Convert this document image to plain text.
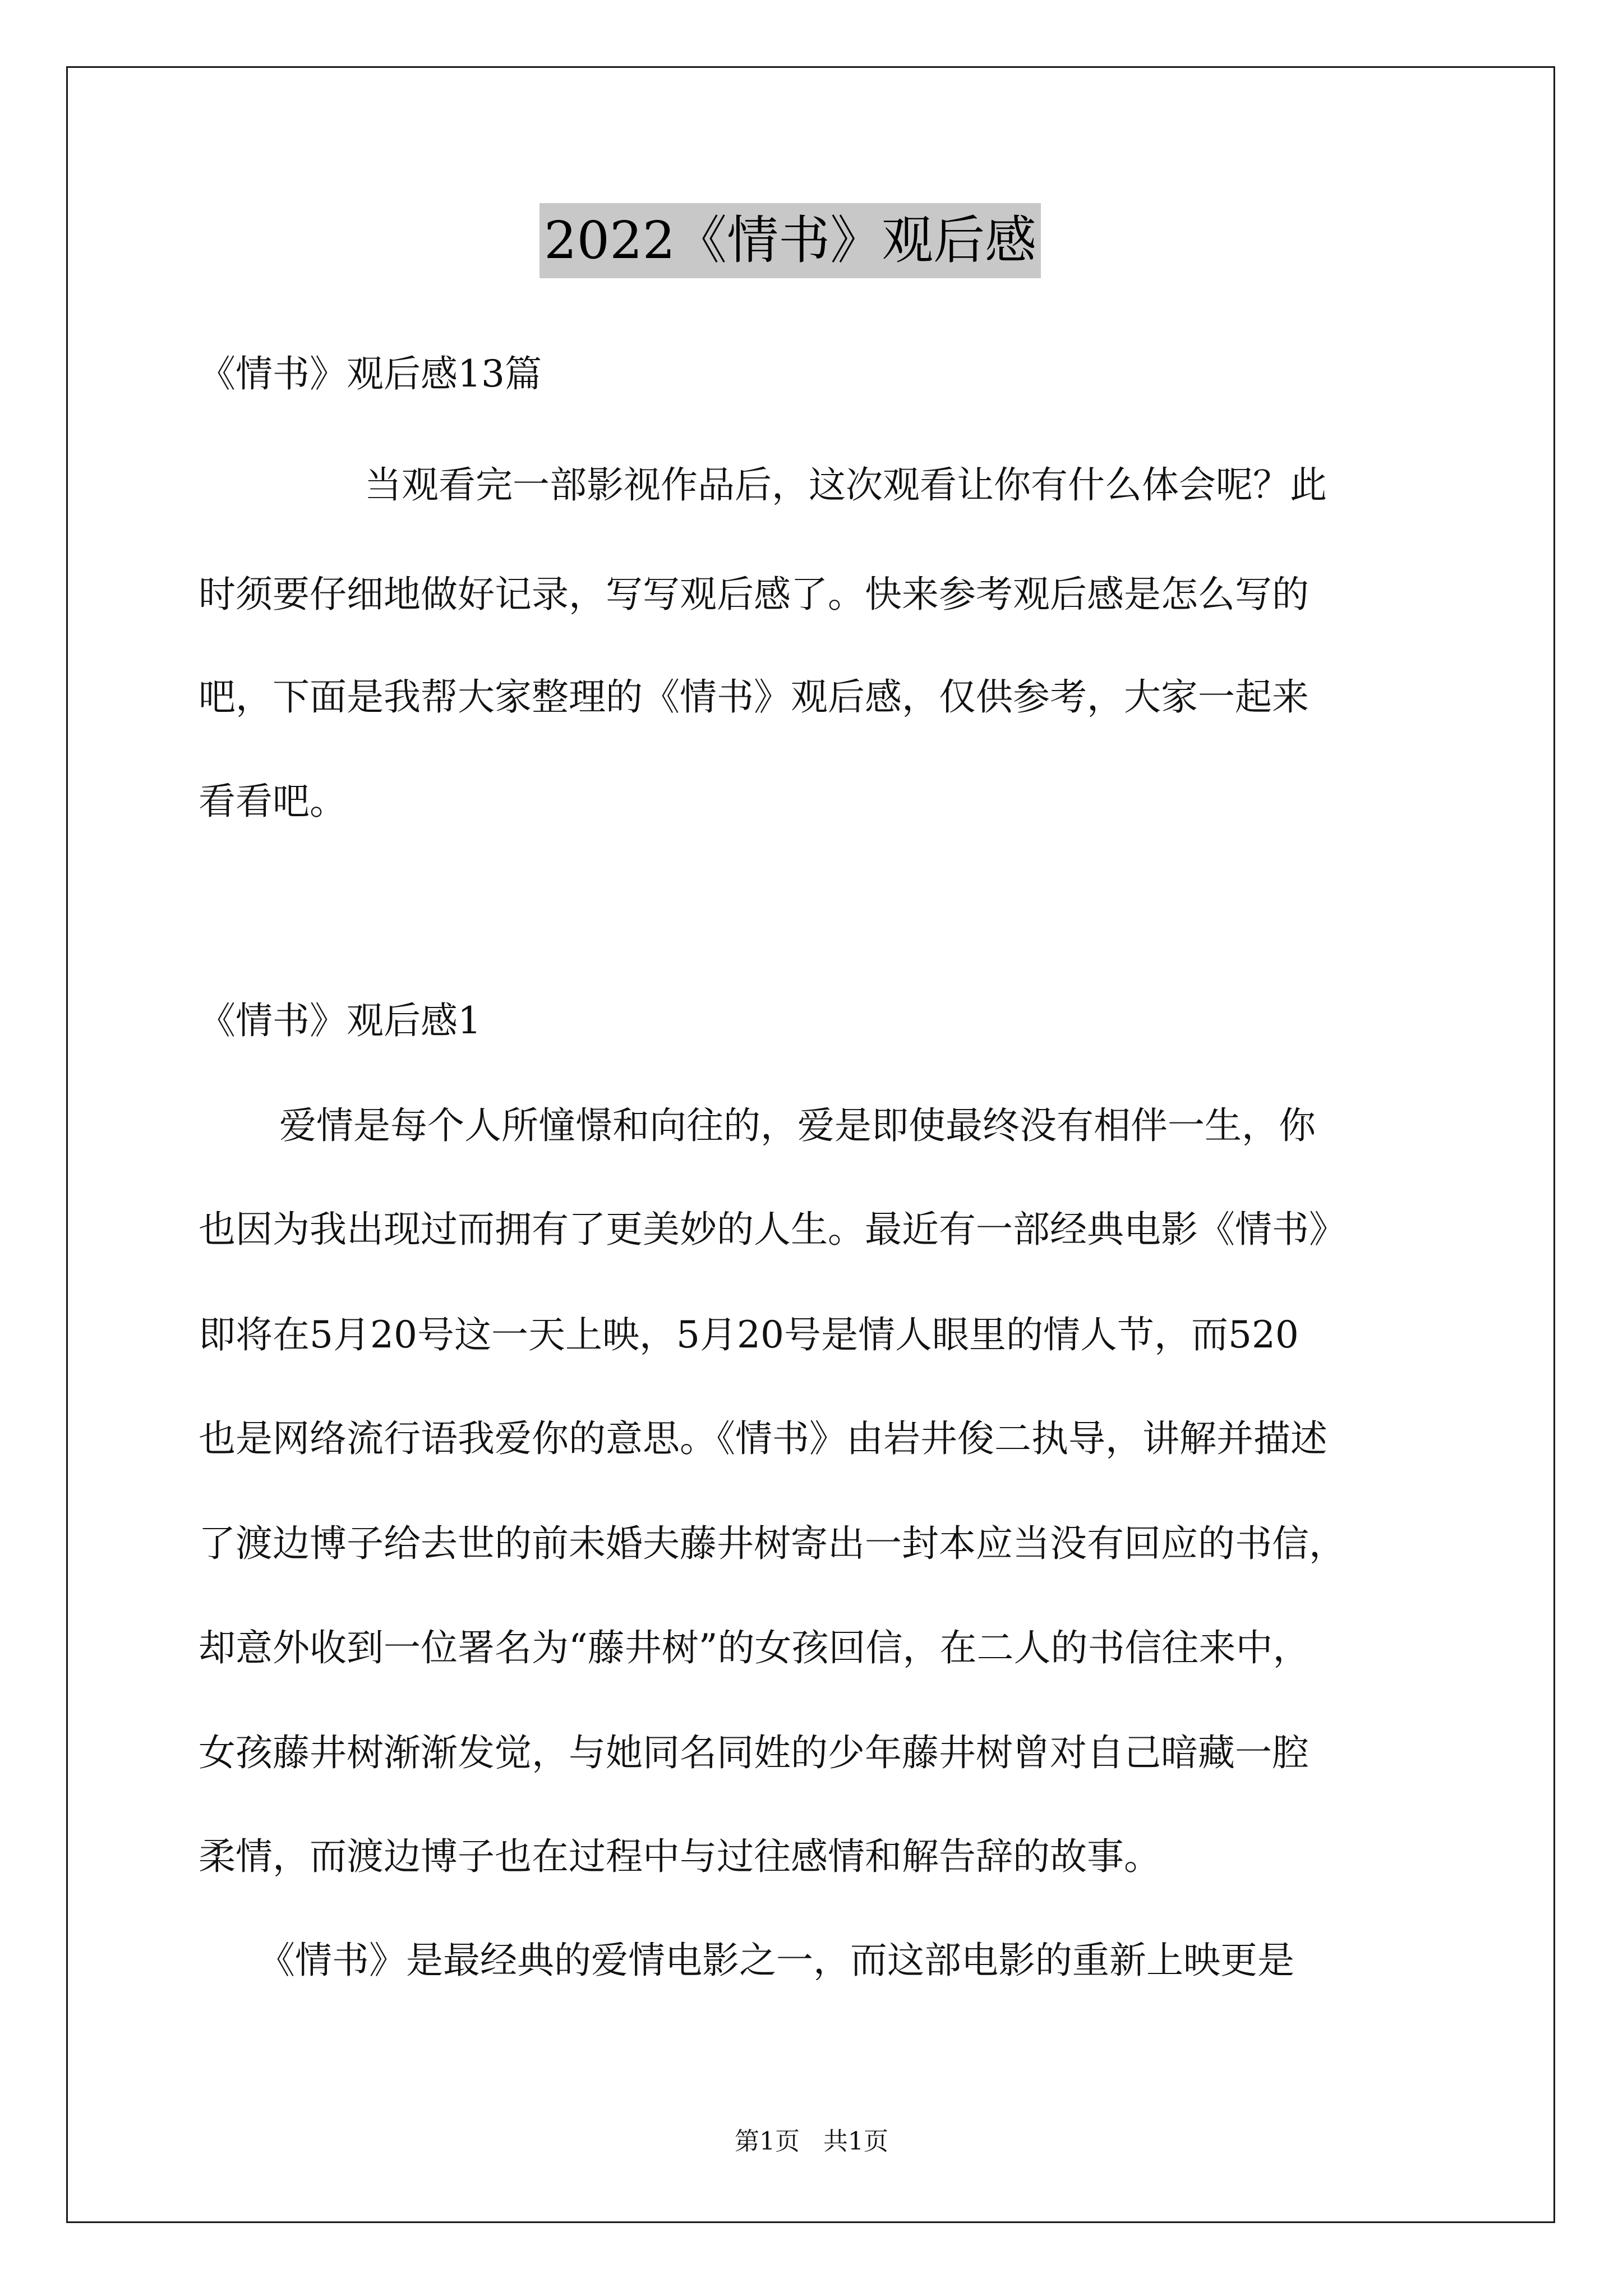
2022《情书》观后感
《情书》观后感13篇
当观看完一部影视作品后，这次观看让你有什么体会呢？此
时须要仔细地做好记录，写写观后感了。快来参考观后感是怎么写的
吧，下面是我帮大家整理的《情书》观后感，仅供参考，大家一起来
看看吧。
《情书》观后感1
爱情是每个人所憧憬和向往的，爱是即使最终没有相伴一生，你
也因为我出现过而拥有了更美妙的人生。最近有一部经典电影《情书》
即将在5月20号这一天上映，5月20号是情人眼里的情人节，而520
也是网络流行语我爱你的意思。《情书》由岩井俊二执导，讲解并描述
了渡边博子给去世的前未婚夫藤井树寄出一封本应当没有回应的书信，
却意外收到一位署名为“藤井树”的女孩回信，在二人的书信往来中，
女孩藤井树渐渐发觉，与她同名同姓的少年藤井树曾对自己暗藏一腔
柔情，而渡边博子也在过程中与过往感情和解告辞的故事。
《情书》是最经典的爱情电影之一，而这部电影的重新上映更是
第1页   共1页
